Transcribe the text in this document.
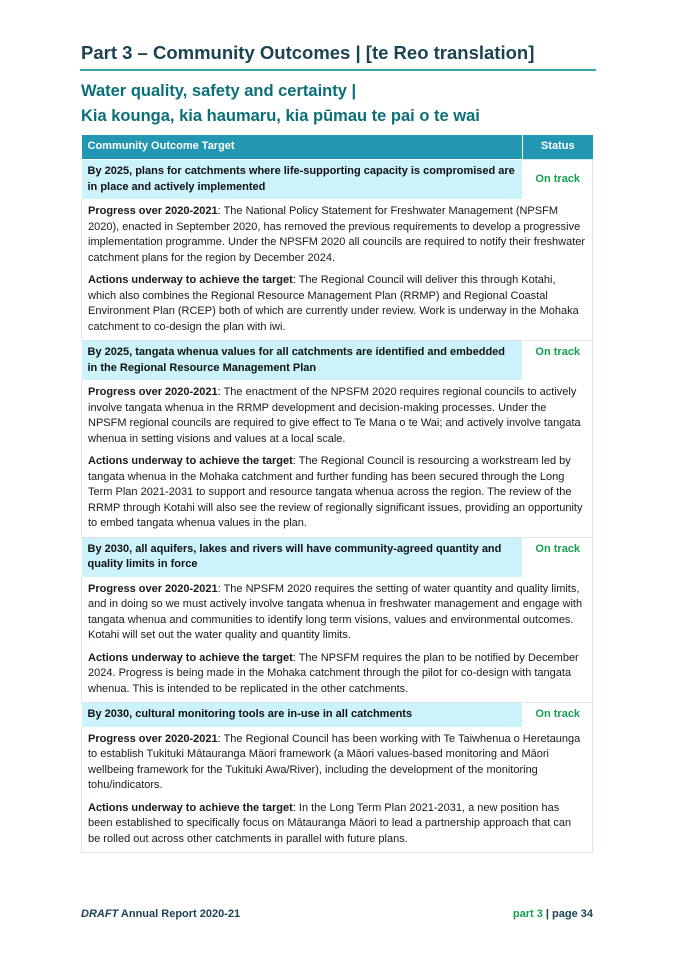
Part 3 – Community Outcomes | [te Reo translation]
Water quality, safety and certainty |
Kia kounga, kia haumaru, kia pūmau te pai o te wai
Community Outcome Target	Status
By 2025, plans for catchments where life-supporting capacity is compromised are in place and actively implemented	On track

Progress over 2020-2021: The National Policy Statement for Freshwater Management (NPSFM 2020), enacted in September 2020, has removed the previous requirements to develop a progressive implementation programme. Under the NPSFM 2020 all councils are required to notify their freshwater catchment plans for the region by December 2024.

Actions underway to achieve the target: The Regional Council will deliver this through Kotahi, which also combines the Regional Resource Management Plan (RRMP) and Regional Coastal Environment Plan (RCEP) both of which are currently under review. Work is underway in the Mohaka catchment to co-design the plan with iwi.	

By 2025, tangata whenua values for all catchments are identified and embedded in the Regional Resource Management Plan	On track

Progress over 2020-2021: The enactment of the NPSFM 2020 requires regional councils to actively involve tangata whenua in the RRMP development and decision-making processes. Under the NPSFM regional councils are required to give effect to Te Mana o te Wai; and actively involve tangata whenua in setting visions and values at a local scale.

Actions underway to achieve the target: The Regional Council is resourcing a workstream led by tangata whenua in the Mohaka catchment and further funding has been secured through the Long Term Plan 2021-2031 to support and resource tangata whenua across the region. The review of the RRMP through Kotahi will also see the review of regionally significant issues, providing an opportunity to embed tangata whenua values in the plan.	

By 2030, all aquifers, lakes and rivers will have community-agreed quantity and quality limits in force	On track

Progress over 2020-2021: The NPSFM 2020 requires the setting of water quantity and quality limits, and in doing so we must actively involve tangata whenua in freshwater management and engage with tangata whenua and communities to identify long term visions, values and environmental outcomes. Kotahi will set out the water quality and quantity limits.

Actions underway to achieve the target: The NPSFM requires the plan to be notified by December 2024. Progress is being made in the Mohaka catchment through the pilot for co-design with tangata whenua. This is intended to be replicated in the other catchments.	

By 2030, cultural monitoring tools are in-use in all catchments	On track

Progress over 2020-2021: The Regional Council has been working with Te Taiwhenua o Heretaunga to establish Tukituki Mātauranga Māori framework (a Māori values-based monitoring and Māori wellbeing framework for the Tukituki Awa/River), including the development of the monitoring tohu/indicators.

Actions underway to achieve the target: In the Long Term Plan 2021-2031, a new position has been established to specifically focus on Mātauranga Māori to lead a partnership approach that can be rolled out across other catchments in parallel with future plans.	

DRAFT Annual Report 2020-21	part 3 | page 34
